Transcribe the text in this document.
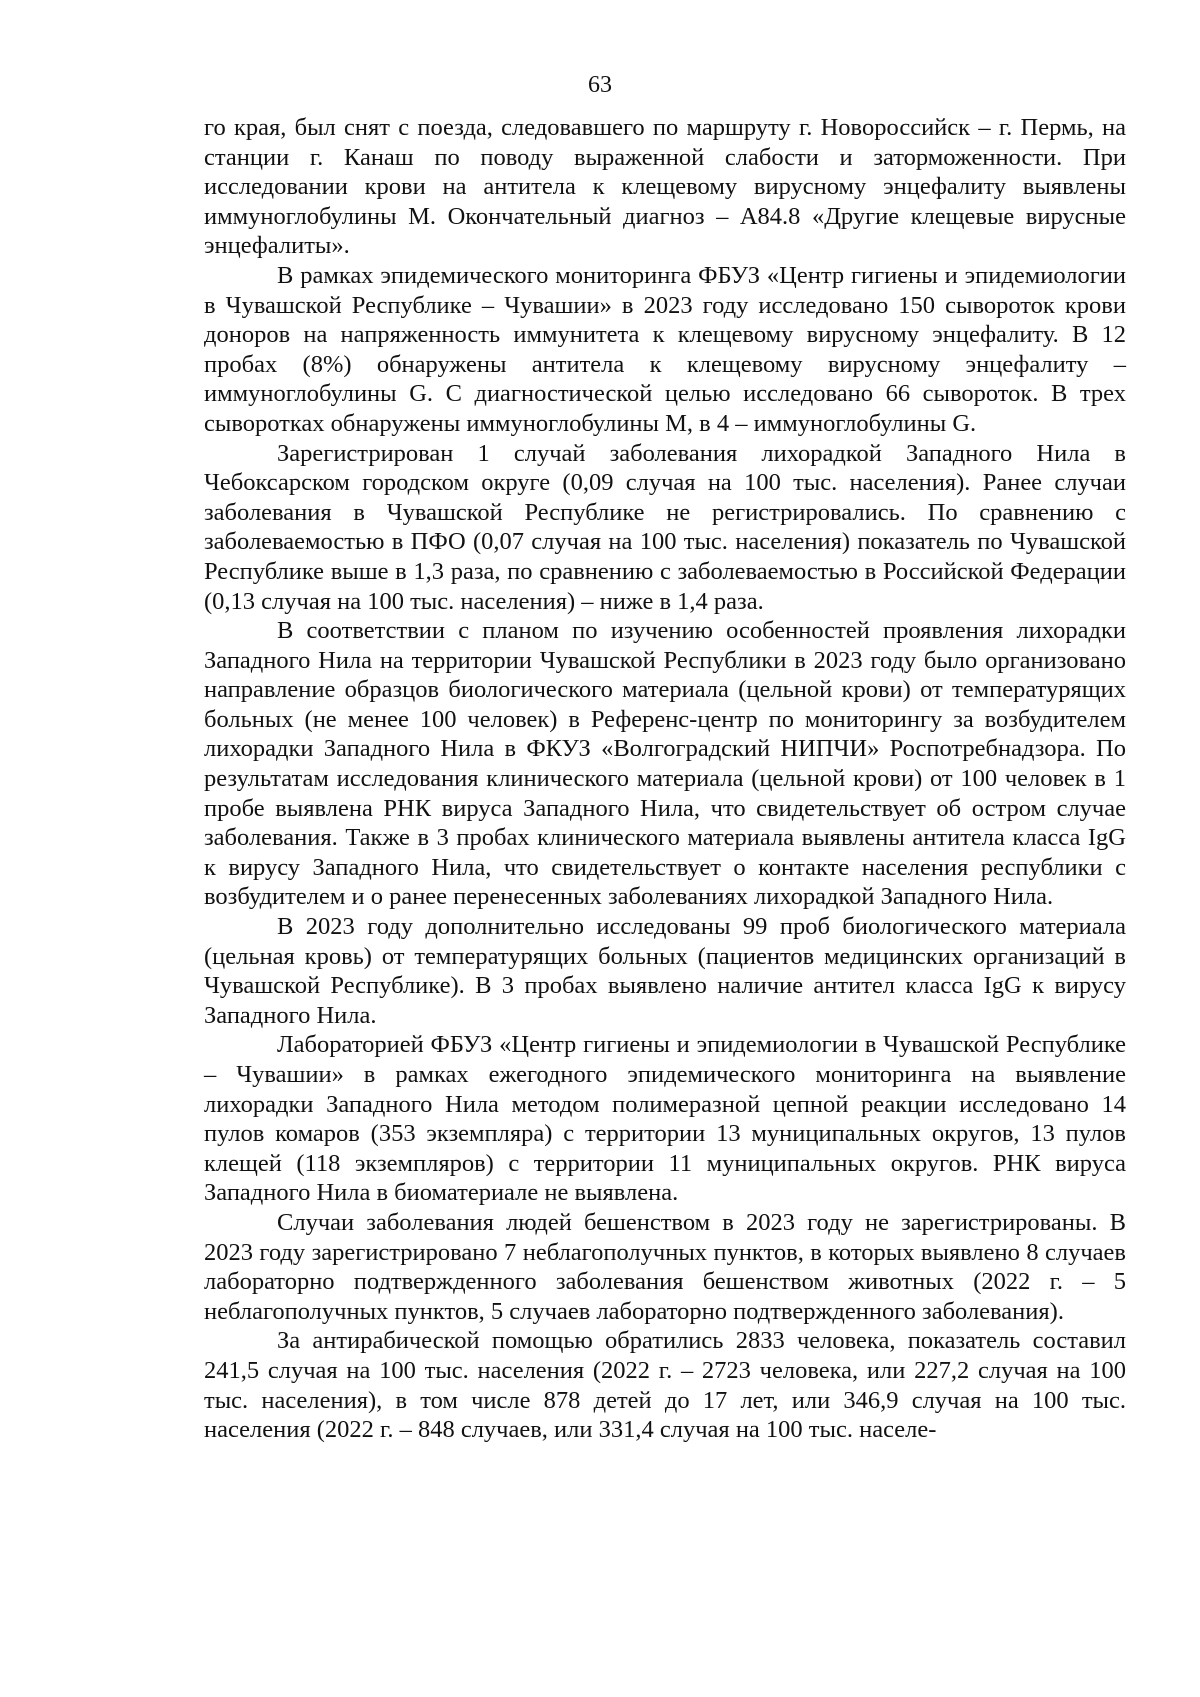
63

го края, был снят с поезда, следовавшего по маршруту г. Новороссийск – г. Пермь, на станции г. Канаш по поводу выраженной слабости и заторможенности. При исследовании крови на антитела к клещевому вирусному энцефалиту выявлены иммуноглобулины М. Окончательный диагноз – А84.8 «Другие клещевые вирусные энцефалиты».

В рамках эпидемического мониторинга ФБУЗ «Центр гигиены и эпидемиологии в Чувашской Республике – Чувашии» в 2023 году исследовано 150 сывороток крови доноров на напряженность иммунитета к клещевому вирусному энцефалиту. В 12 пробах (8%) обнаружены антитела к клещевому вирусному энцефалиту – иммуноглобулины G. С диагностической целью исследовано 66 сывороток. В трех сыворотках обнаружены иммуноглобулины М, в 4 – иммуноглобулины G.

Зарегистрирован 1 случай заболевания лихорадкой Западного Нила в Чебоксарском городском округе (0,09 случая на 100 тыс. населения). Ранее случаи заболевания в Чувашской Республике не регистрировались. По сравнению с заболеваемостью в ПФО (0,07 случая на 100 тыс. населения) показатель по Чувашской Республике выше в 1,3 раза, по сравнению с заболеваемостью в Российской Федерации (0,13 случая на 100 тыс. населения) – ниже в 1,4 раза.

В соответствии с планом по изучению особенностей проявления лихорадки Западного Нила на территории Чувашской Республики в 2023 году было организовано направление образцов биологического материала (цельной крови) от температурящих больных (не менее 100 человек) в Референс-центр по мониторингу за возбудителем лихорадки Западного Нила в ФКУЗ «Волгоградский НИПЧИ» Роспотребнадзора. По результатам исследования клинического материала (цельной крови) от 100 человек в 1 пробе выявлена РНК вируса Западного Нила, что свидетельствует об остром случае заболевания. Также в 3 пробах клинического материала выявлены антитела класса IgG к вирусу Западного Нила, что свидетельствует о контакте населения республики с возбудителем и о ранее перенесенных заболеваниях лихорадкой Западного Нила.

В 2023 году дополнительно исследованы 99 проб биологического материала (цельная кровь) от температурящих больных (пациентов медицинских организаций в Чувашской Республике). В 3 пробах выявлено наличие антител класса IgG к вирусу Западного Нила.

Лабораторией ФБУЗ «Центр гигиены и эпидемиологии в Чувашской Республике – Чувашии» в рамках ежегодного эпидемического мониторинга на выявление лихорадки Западного Нила методом полимеразной цепной реакции исследовано 14 пулов комаров (353 экземпляра) с территории 13 муниципальных округов, 13 пулов клещей (118 экземпляров) с территории 11 муниципальных округов. РНК вируса Западного Нила в биоматериале не выявлена.

Случаи заболевания людей бешенством в 2023 году не зарегистрированы. В 2023 году зарегистрировано 7 неблагополучных пунктов, в которых выявлено 8 случаев лабораторно подтвержденного заболевания бешенством животных (2022 г. – 5 неблагополучных пунктов, 5 случаев лабораторно подтвержденного заболевания).

За антирабической помощью обратились 2833 человека, показатель составил 241,5 случая на 100 тыс. населения (2022 г. – 2723 человека, или 227,2 случая на 100 тыс. населения), в том числе 878 детей до 17 лет, или 346,9 случая на 100 тыс. населения (2022 г. – 848 случаев, или 331,4 случая на 100 тыс. населе-
